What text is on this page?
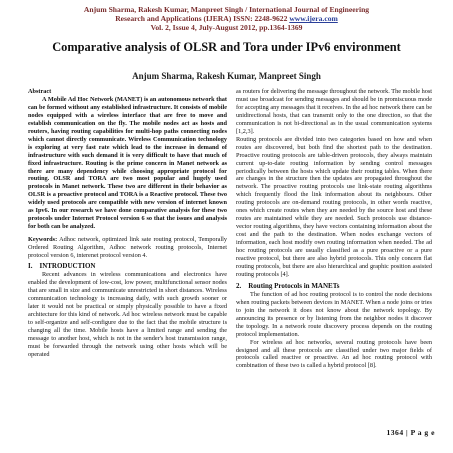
Anjum Sharma, Rakesh Kumar, Manpreet Singh / International Journal of Engineering
Research and Applications (IJERA) ISSN: 2248-9622 www.ijera.com
Vol. 2, Issue 4, July-August 2012, pp.1364-1369
Comparative analysis of OLSR and Tora under IPv6 environment
Anjum Sharma, Rakesh Kumar, Manpreet Singh

Abstract

A Mobile Ad Hoc Network (MANET) is an autonomous network that can be formed without any established infrastructure. It consists of mobile nodes equipped with a wireless interface that are free to move and establish communication on the fly. The mobile nodes act as hosts and routers, having routing capabilities for multi-hop paths connecting nodes which cannot directly communicate. Wireless Communication technology is exploring at very fast rate which lead to the increase in demand of infrastructure with such demand it is very difficult to have that much of fixed infrastructure. Routing is the prime concern in Manet network as there are many dependency while choosing appropriate protocol for routing. OLSR and TORA are two most popular and hugely used protocols in Manet network. These two are different in their behavior as OLSR is a proactive protocol and TORA is a Reactive protocol. These two widely used protocols are compatible with new version of internet known as Ipv6. In our research we have done comparative analysis for these two protocols under Internet Protocol version 6 so that the issues and analysis for both can be analyzed.

Keywords: Adhoc network, optimized link sate routing protocol, Temporally Ordered Routing Algorithm, Adhoc network routing protocols, Internet protocol version 6, interenet protocol version 4.

I. INTRODUCTION

Recent advances in wireless communications and electronics have enabled the development of low-cost, low power, multifunctional sensor nodes that are small in size and communicate unrestricted in short distances. Wireless communication technology is increasing daily, with such growth sooner or later it would not be practical or simply physically possible to have a fixed architecture for this kind of network. Ad hoc wireless network must be capable to self-organize and self-configure due to the fact that the mobile structure is changing all the time. Mobile hosts have a limited range and sending the message to another host, which is not in the sender's host transmission range, must be forwarded through the network using other hosts which will be operated

as routers for delivering the message throughout the network. The mobile host must use broadcast for sending messages and should be in promiscuous mode for accepting any messages that it receives. In the ad hoc network there can be unidirectional hosts, that can transmit only to the one direction, so that the communication is not bi-directional as in the usual communication systems [1,2,3].

Routing protocols are divided into two categories based on how and when routes are discovered, but both find the shortest path to the destination. Proactive routing protocols are table-driven protocols, they always maintain current up-to-date routing information by sending control messages periodically between the hosts which update their routing tables. When there are changes in the structure then the updates are propagated throughout the network. The proactive routing protocols use link-state routing algorithms which frequently flood the link information about its neighbours. Other routing protocols are on-demand routing protocols, in other words reactive, ones which create routes when they are needed by the source host and these routes are maintained while they are needed. Such protocols use distance-vector routing algorithms, they have vectors containing information about the cost and the path to the destination. When nodes exchange vectors of information, each host modify own routing information when needed. The ad hoc routing protocols are usually classified as a pure proactive or a pure reactive protocol, but there are also hybrid protocols. This only concern flat routing protocols, but there are also hierarchical and graphic position assisted routing protocols [4].

2. Routing Protocols in MANETs

The function of ad hoc routing protocol is to control the node decisions when routing packets between devices in MANET. When a node joins or tries to join the network it does not know about the network topology. By announcing its presence or by listening from the neighbor nodes it discover the topology. In a network route discovery process depends on the routing protocol implementation.

For wireless ad hoc networks, several routing protocols have been designed and all these protocols are classified under two major fields of protocols called reactive or proactive. An ad hoc routing protocol with combination of these two is called a hybrid protocol [8].

1364 | P a g e
